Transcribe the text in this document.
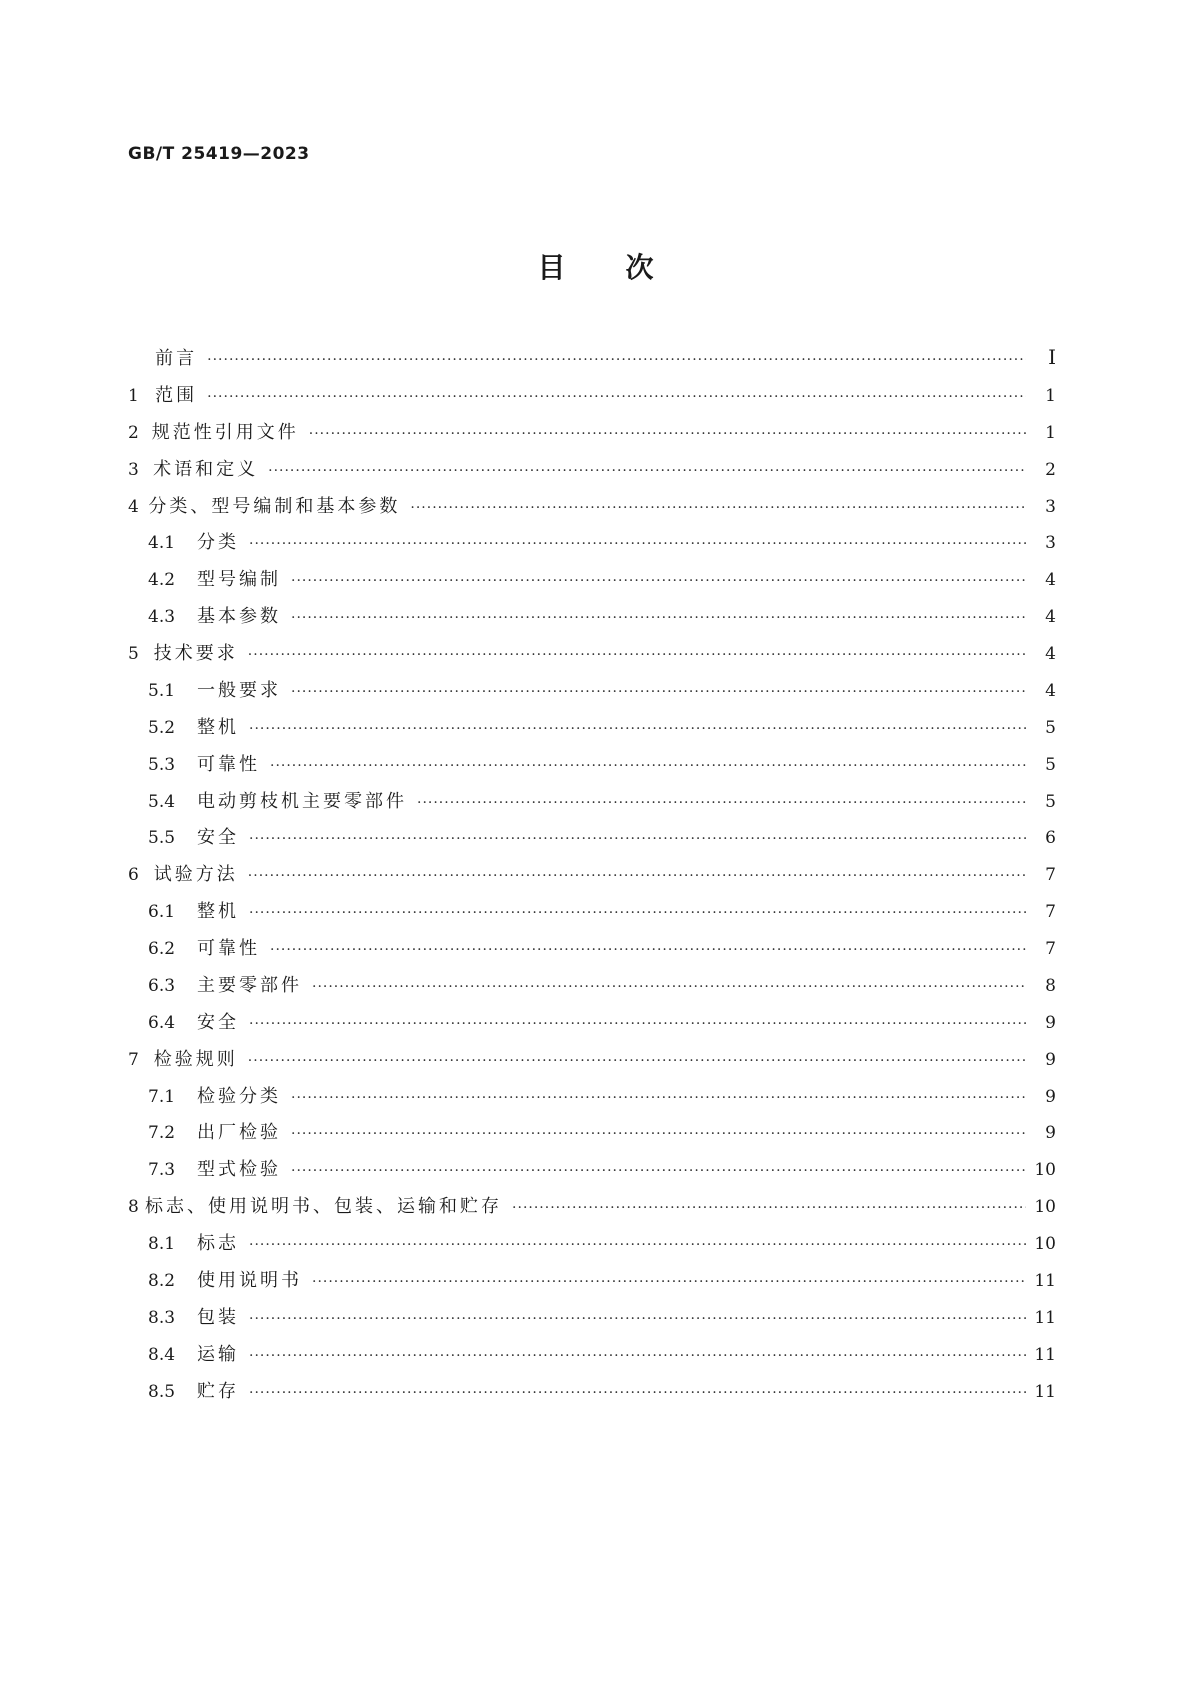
GB/T 25419—2023
目次
前言 ·····	Ⅰ
1 范围 ·····	1
2 规范性引用文件 ·····	1
3 术语和定义 ·····	2
4 分类、型号编制和基本参数 ·····	3
4.1	分类 ·····	3
4.2	型号编制 ·····	4
4.3	基本参数 ·····	4
5 技术要求 ·····	4
5.1	一般要求 ·····	4
5.2	整机 ·····	5
5.3	可靠性 ·····	5
5.4	电动剪枝机主要零部件 ·····	5
5.5	安全 ·····	6
6 试验方法 ·····	7
6.1	整机 ·····	7
6.2	可靠性 ·····	7
6.3	主要零部件 ·····	8
6.4	安全 ·····	9
7 检验规则 ·····	9
7.1	检验分类 ·····	9
7.2	出厂检验 ·····	9
7.3	型式检验 ·····	10
8 标志、使用说明书、包装、运输和贮存 ·····	10
8.1	标志 ·····	10
8.2	使用说明书 ·····	11
8.3	包装 ·····	11
8.4	运输 ·····	11
8.5	贮存 ·····	11
